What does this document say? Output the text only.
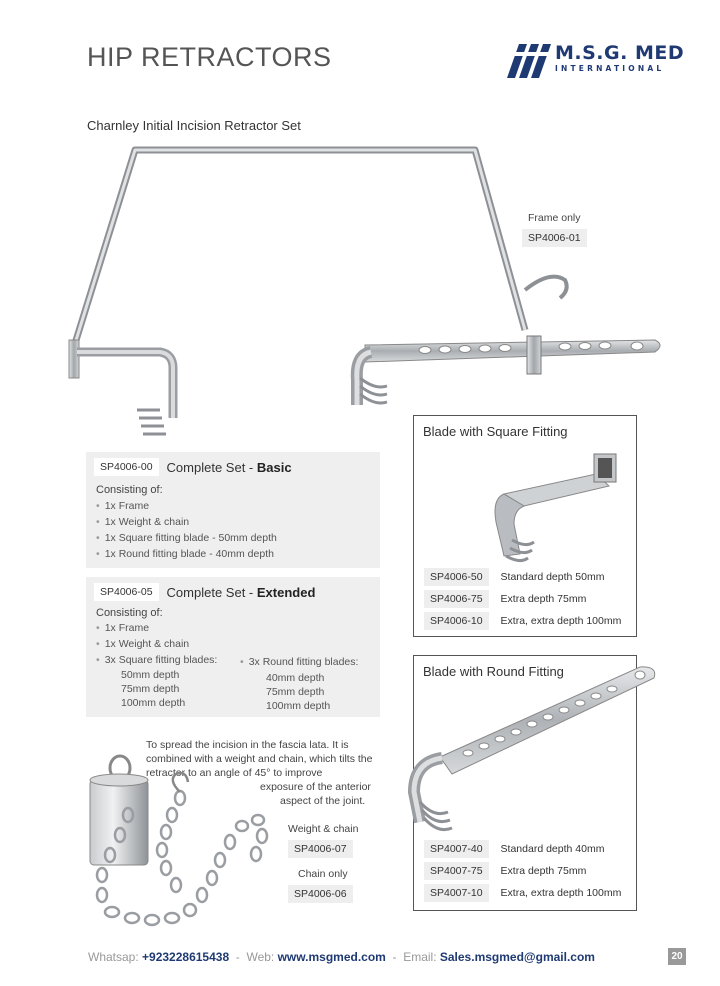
HIP RETRACTORS	M.S.G. MED
INTERNATIONAL
Charnley Initial Incision Retractor Set
Frame only
SP4006-01
SP4006-00	Complete Set - Basic
Consisting of:
• 1x Frame
• 1x Weight & chain
• 1x Square fitting blade - 50mm depth
• 1x Round fitting blade - 40mm depth
SP4006-05	Complete Set - Extended
Consisting of:
• 1x Frame
• 1x Weight & chain
• 3x Square fitting blades:
50mm depth
75mm depth
100mm depth
• 3x Round fitting blades:
40mm depth
75mm depth
100mm depth
To spread the incision in the fascia lata. It is
combined with a weight and chain, which tilts the
retractor to an angle of 45° to improve
exposure of the anterior
aspect of the joint.
Weight & chain
SP4006-07
Chain only
SP4006-06
Blade with Square Fitting
SP4006-50	Standard depth 50mm
SP4006-75	Extra depth 75mm
SP4006-10	Extra, extra depth 100mm
Blade with Round Fitting
SP4007-40	Standard depth 40mm
SP4007-75	Extra depth 75mm
SP4007-10	Extra, extra depth 100mm
Whatsap: +923228615438  -  Web: www.msgmed.com  -  Email: Sales.msgmed@gmail.com	20
